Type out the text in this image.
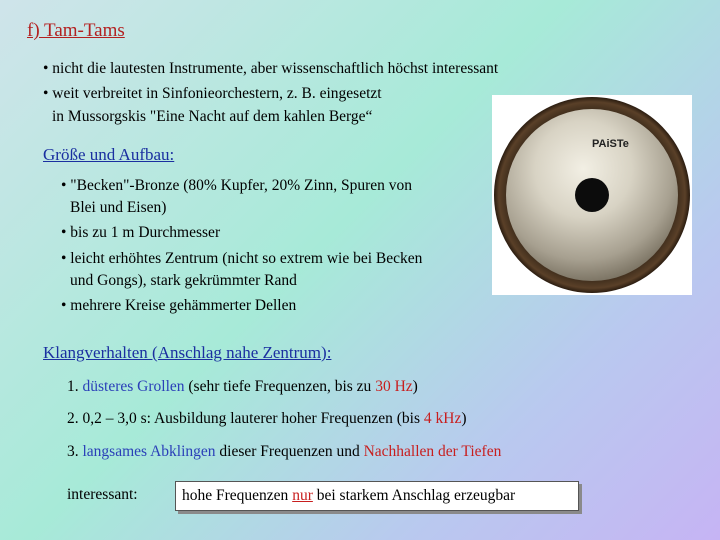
f) Tam-Tams
• nicht die lautesten Instrumente, aber wissenschaftlich höchst interessant
• weit verbreitet in Sinfonieorchestern, z. B. eingesetzt
in Mussorgskis "Eine Nacht auf dem kahlen Berge“
PAiSTe
Größe und Aufbau:
• "Becken"-Bronze (80% Kupfer, 20% Zinn, Spuren von
Blei und Eisen)
• bis zu 1 m Durchmesser
• leicht erhöhtes Zentrum (nicht so extrem wie bei Becken
und Gongs), stark gekrümmter Rand
• mehrere Kreise gehämmerter Dellen
Klangverhalten (Anschlag nahe Zentrum):
1. düsteres Grollen (sehr tiefe Frequenzen, bis zu 30 Hz)
2. 0,2 – 3,0 s: Ausbildung lauterer hoher Frequenzen (bis 4 kHz)
3. langsames Abklingen dieser Frequenzen und Nachhallen der Tiefen
interessant:	hohe Frequenzen nur bei starkem Anschlag erzeugbar
